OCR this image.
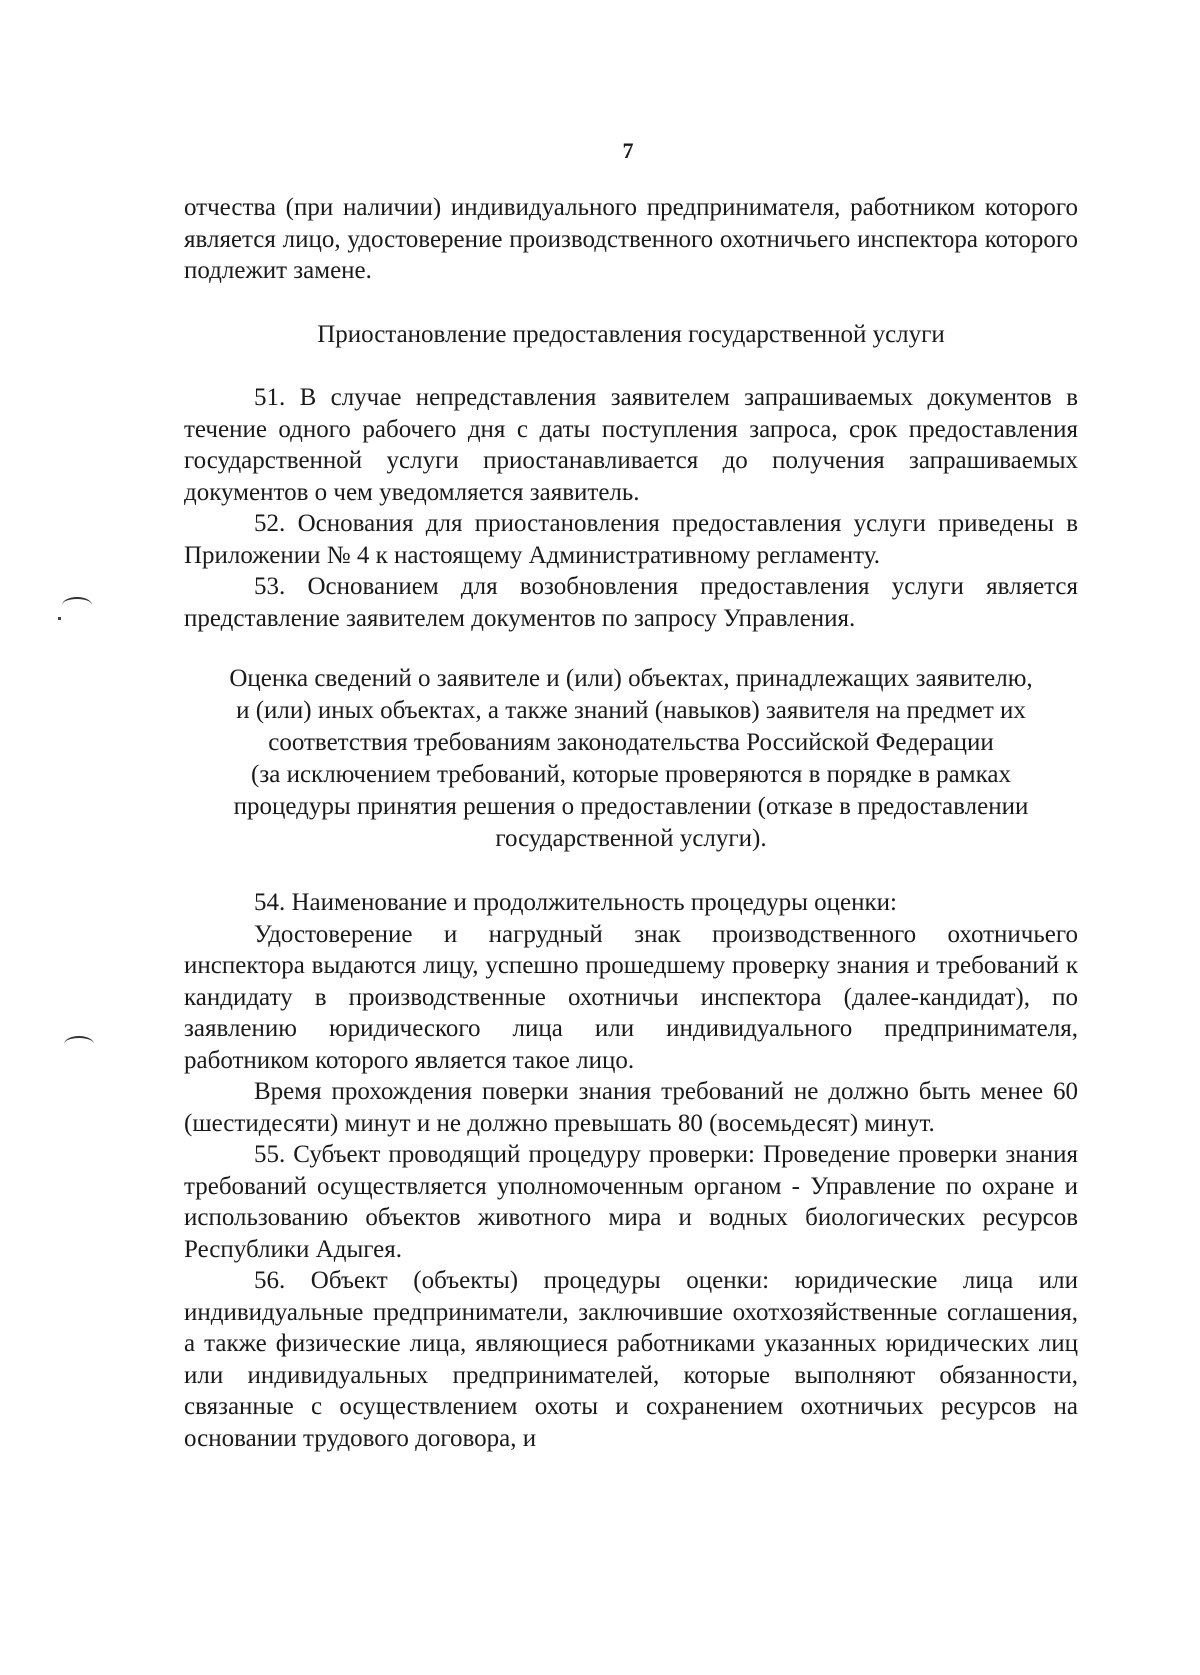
7

отчества (при наличии) индивидуального предпринимателя, работником которого является лицо, удостоверение производственного охотничьего инспектора которого подлежит замене.

Приостановление предоставления государственной услуги

51. В случае непредставления заявителем запрашиваемых документов в течение одного рабочего дня с даты поступления запроса, срок предоставления государственной услуги приостанавливается до получения запрашиваемых документов о чем уведомляется заявитель.

52. Основания для приостановления предоставления услуги приведены в Приложении № 4 к настоящему Административному регламенту.

53. Основанием для возобновления предоставления услуги является представление заявителем документов по запросу Управления.

Оценка сведений о заявителе и (или) объектах, принадлежащих заявителю,
и (или) иных объектах, а также знаний (навыков) заявителя на предмет их
соответствия требованиям законодательства Российской Федерации
(за исключением требований, которые проверяются в порядке в рамках
процедуры принятия решения о предоставлении (отказе в предоставлении
государственной услуги).

54. Наименование и продолжительность процедуры оценки:

Удостоверение и нагрудный знак производственного охотничьего инспектора выдаются лицу, успешно прошедшему проверку знания и требований к кандидату в производственные охотничьи инспектора (далее-кандидат), по заявлению юридического лица или индивидуального предпринимателя, работником которого является такое лицо.

Время прохождения поверки знания требований не должно быть менее 60 (шестидесяти) минут и не должно превышать 80 (восемьдесят) минут.

55. Субъект проводящий процедуру проверки: Проведение проверки знания требований осуществляется уполномоченным органом - Управление по охране и использованию объектов животного мира и водных биологических ресурсов Республики Адыгея.

56. Объект (объекты) процедуры оценки: юридические лица или индивидуальные предприниматели, заключившие охотхозяйственные соглашения, а также физические лица, являющиеся работниками указанных юридических лиц или индивидуальных предпринимателей, которые выполняют обязанности, связанные с осуществлением охоты и сохранением охотничьих ресурсов на основании трудового договора, и
